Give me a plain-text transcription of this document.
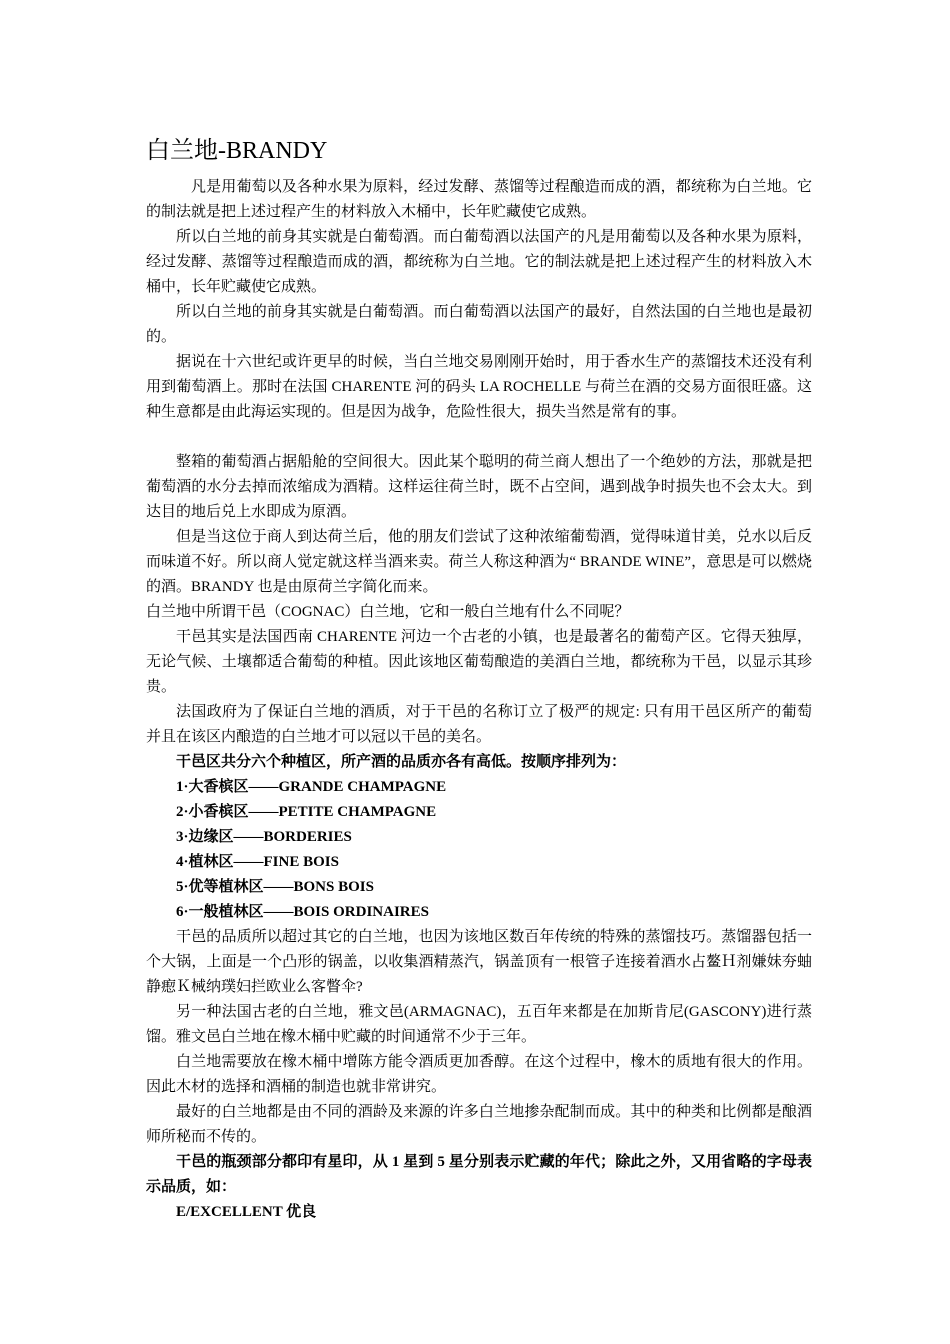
白兰地-BRANDY

凡是用葡萄以及各种水果为原料，经过发酵、蒸馏等过程酿造而成的酒，都统称为白兰地。它的制法就是把上述过程产生的材料放入木桶中，长年贮藏使它成熟。

所以白兰地的前身其实就是白葡萄酒。而白葡萄酒以法国产的凡是用葡萄以及各种水果为原料，经过发酵、蒸馏等过程酿造而成的酒，都统称为白兰地。它的制法就是把上述过程产生的材料放入木桶中，长年贮藏使它成熟。

所以白兰地的前身其实就是白葡萄酒。而白葡萄酒以法国产的最好，自然法国的白兰地也是最初的。

据说在十六世纪或许更早的时候，当白兰地交易刚刚开始时，用于香水生产的蒸馏技术还没有利用到葡萄酒上。那时在法国 CHARENTE 河的码头 LA ROCHELLE 与荷兰在酒的交易方面很旺盛。这种生意都是由此海运实现的。但是因为战争，危险性很大，损失当然是常有的事。

整箱的葡萄酒占据船舱的空间很大。因此某个聪明的荷兰商人想出了一个绝妙的方法，那就是把葡萄酒的水分去掉而浓缩成为酒精。这样运往荷兰时，既不占空间，遇到战争时损失也不会太大。到达目的地后兑上水即成为原酒。

但是当这位于商人到达荷兰后，他的朋友们尝试了这种浓缩葡萄酒，觉得味道甘美，兑水以后反而味道不好。所以商人觉定就这样当酒来卖。荷兰人称这种酒为“ BRANDE WINE”，意思是可以燃烧的酒。BRANDY 也是由原荷兰字简化而来。

白兰地中所谓干邑（COGNAC）白兰地，它和一般白兰地有什么不同呢？

干邑其实是法国西南 CHARENTE 河边一个古老的小镇，也是最著名的葡萄产区。它得天独厚，无论气候、土壤都适合葡萄的种植。因此该地区葡萄酿造的美酒白兰地，都统称为干邑，以显示其珍贵。

法国政府为了保证白兰地的酒质，对于干邑的名称订立了极严的规定: 只有用干邑区所产的葡萄并且在该区内酿造的白兰地才可以冠以干邑的美名。

干邑区共分六个种植区，所产酒的品质亦各有高低。按顺序排列为：

1·大香槟区——GRANDE CHAMPAGNE

2·小香槟区——PETITE CHAMPAGNE

3·边缘区——BORDERIES

4·植林区——FINE BOIS

5·优等植林区——BONS BOIS

6·一般植林区——BOIS ORDINAIRES

干邑的品质所以超过其它的白兰地，也因为该地区数百年传统的特殊的蒸馏技巧。蒸馏器包括一个大锅，上面是一个凸形的锅盖，以收集酒精蒸汽，锅盖顶有一根管子连接着酒水占鳌Ｈ剂嫌妹夯蚰静瘛Ｋ械纳璞妇拦欧业么客瞥伞?

另一种法国古老的白兰地，雅文邑(ARMAGNAC)，五百年来都是在加斯肯尼(GASCONY)进行蒸馏。雅文邑白兰地在橡木桶中贮藏的时间通常不少于三年。

白兰地需要放在橡木桶中增陈方能令酒质更加香醇。在这个过程中，橡木的质地有很大的作用。因此木材的选择和酒桶的制造也就非常讲究。

最好的白兰地都是由不同的酒龄及来源的许多白兰地掺杂配制而成。其中的种类和比例都是酿酒师所秘而不传的。

干邑的瓶颈部分都印有星印，从 1 星到 5 星分别表示贮藏的年代；除此之外，又用省略的字母表示品质，如：

E/EXCELLENT 优良
